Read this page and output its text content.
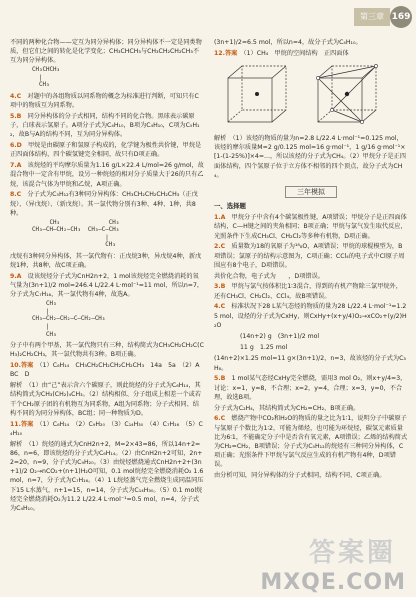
第三章 169

不同的两种化合物——定互为同分异构体；同分异构体不一定是同类物质，但它们之间的转化是化学变化；CH₃CHCH₃与CH₃CH₂CH₂CH₃不互为同分异构体。

CH₃CHCH₃
|
CH₃

4.C　 对题中的各组物质以同系物的概念为标准进行判断，可知只有C项中的物质互为同系物。

5.B　 同分异构体的分子式相同，结构不同的化合物。黑球表示碳原子，白球表示氢原子。A项分子式为C₄H₁₀，B项为C₄H₁₀，C项为C₅H₁₂，故B与A的结构不同，互为同分异构体。

6.D　 甲烷是由碳原子和氢原子构成的，化学键为极性共价键，甲烷是正四面体结构，四个碳氢键完全相同，故只有D项正确。

7.A　 该烷烃的平均摩尔质量为1.16 g/L×22.4 L/mol=26 g/mol，故混合物中一定含有甲烷，设另一种烷烃的相对分子质量大于26的只有乙烷，该混合气体为甲烷和乙烷，A项正确。

8.C　 分子式为C₅H₁₂有3种同分异构体：CH₃CH₂CH₂CH₂CH₃（正戊烷）、（异戊烷）、（新戊烷）。其一氯代物分别有3种、4种、1种，共8种。

CH₃              CH₃
CH₃—CH—CH₂—CH₃  CH₃—C—CH₃
|
CH₃

戊烷有3种同分异构体，其一氯代物有：正戊烷3种，异戊烷4种，新戊烷1种，共8种，故C项正确。

9.A　 设该烷烃分子式为CnH2n+2，1 mol该烷烃完全燃烧消耗的氧气量为(3n+1)/2 mol=246.4 L/22.4 L·mol⁻¹=11 mol，所以n=7，分子式为C₇H₁₆，其一氯代物有4种，故选A。

CH₃
|
CH₃—CH₂—CH₂—C—CH₂—CH₃
|
CH₃

分子中有两个甲基，其一氯代物只有三种，结构简式为CH₃CH₂CH₂C(CH₃)₂CH₂CH₃，其一氯代物共有3种。B项正确。

10.答案　 （1）C₆H₁₄　CH₃CH₂CH₂CH₂CH₂CH₃　14a　5a　（2）A　BC　D

解析　（1）由“己”表示含六个碳原子，则此烷烃的分子式为C₆H₁₄，其结构简式为CH₃(CH₂)₄CH₃。（2）结构相似、分子组成上相差一个或若干个CH₂原子团的有机物互为同系物，A组为同系物；分子式相同、结构不同的为同分异构体，BC组；同一种物质为D。

11.答案　 （1）C₆H₁₄　（2）C₉H₂₀　（3）C₁₄H₃₀　（4）C₇H₁₆　（5）C₄H₁₀

解析　（1）烷烃的通式为CnH2n+2，M=2×43=86，所以14n+2=86，n=6，即该烷烃的分子式为C₆H₁₄。（2）由CnH2n+2可知，2n+2=20，n=9，分子式为C₉H₂₀。（3）由烷烃燃烧通式CnH2n+2+(3n+1)/2 O₂→nCO₂+(n+1)H₂O可知，0.1 mol烷烃完全燃烧消耗O₂ 1.6 mol，n=7，分子式为C₇H₁₆。（4）1 L烷烃蒸气完全燃烧生成同温同压下15 L水蒸气，n+1=15，n=14，分子式为C₁₄H₃₀。（5）0.1 mol烷烃完全燃烧消耗O₂为11.2 L/22.4 L·mol⁻¹=0.5 mol，n=4，分子式为C₄H₁₀。

(3n+1)/2=6.5 mol，所以n=4，故分子式为C₄H₁₀。

12.答案　 （1）CH₄　甲烷的空间结构　正四面体

解析　（1）该烃的物质的量为n=2.8 L/22.4 L·mol⁻¹=0.125 mol，该烃的摩尔质量M=2 g/0.125 mol=16 g·mol⁻¹，1 g/16 g·mol⁻¹×[1-(1-25%)]×4=...，所以该烃的分子式为CH₄。（2）甲烷分子是正四面体结构，四个氢原子位于立方体不相邻的四个顶点，故分子式为CH₄。

三年模拟
一、选择题

1.A　 甲烷分子中含有4个碳氢极性键，A项错误；甲烷分子是正四面体结构，C—H键之间的夹角相同；B项正确；甲烷与氯气发生取代反应，光照条件下生成CH₃Cl、CH₂Cl₂等多种有机物，D项正确。

2.C　 质量数为18的氧原子为¹⁸₈O，A项错误；甲烷的球棍模型为，B项错误；氯原子的结构示意图为，C项正确；CCl₄的电子式中Cl原子周围应有8个电子，D项错误。

共价化合物，电子式为　　，D项错误。

3.B　 甲烷与氯气按体积比1∶3混合，得到的有机产物除三氯甲烷外，还有CH₃Cl、CH₂Cl₂、CCl₄，故B项错误。

4.C　 标准状况下28 L某气态烃的物质的量为28 L/22.4 L·mol⁻¹=1.25 mol，设烃的分子式为CxHy，则CxHy+(x+y/4)O₂→xCO₂+(y/2)H₂O

(14n+2) g　(3n+1)/2 mol

11 g　1.25 mol

(14n+2)×1.25 mol=11 g×(3n+1)/2，n=3，故该烃的分子式为C₃H₈。

5.B　 1 mol某气态烃CxHy完全燃烧，需用3 mol O₂，则x+y/4=3，讨论：x=1，y=8，不合理；x=2，y=4，合理；x=3，y=0，不合理，故选B项。

分子式为C₂H₄，其结构简式为CH₂=CH₂，B项正确。

6.C　 燃烧产物中CO₂和H₂O的物质的量之比为1∶1，说明分子中碳原子与氢原子个数比为1∶2，可能为烯烃，也可能为环烷烃，碳氢元素质量比为6∶1，不能确定分子中是否含有氧元素，A项错误；乙烯的结构简式为CH₂=CH₂，B项错误；分子式为C₅H₁₂的烷烃有三种同分异构体，C项正确；光照条件下甲烷与氯气反应生成的有机产物有4种，D项错误。

由分析可知，同分异构体的分子式相同，结构不同，C项正确。

答案圈
MXQE.COM
